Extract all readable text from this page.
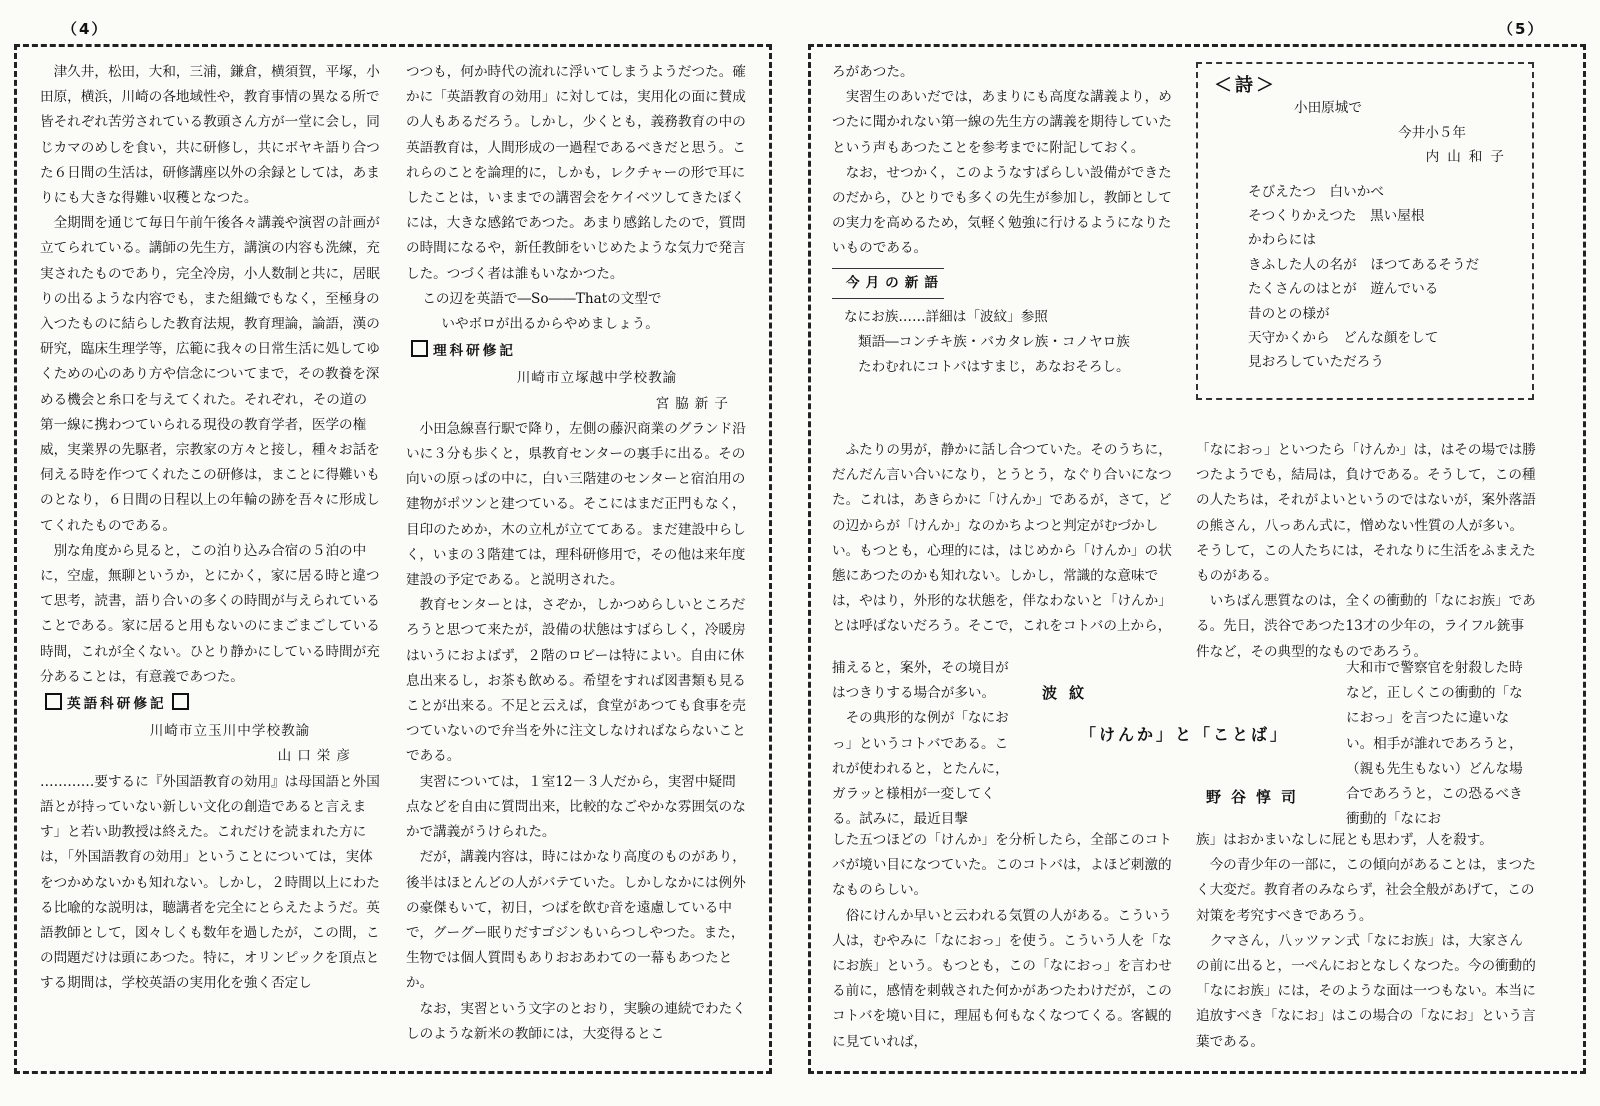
（4）

津久井，松田，大和，三浦，鎌倉，横須賀，平塚，小田原，横浜，川崎の各地域性や，教育事情の異なる所で皆それぞれ苦労されている教頭さん方が一堂に会し，同じカマのめしを食い，共に研修し，共にボヤキ語り合つた６日間の生活は，研修講座以外の余録としては，あまりにも大きな得難い収穫となつた。

全期間を通じて毎日午前午後各々講義や演習の計画が立てられている。講師の先生方，講演の内容も洗練，充実されたものであり，完全冷房，小人数制と共に，居眠りの出るような内容でも，また組織でもなく，至極身の入つたものに結らした教育法規，教育理論，論語，漢の研究，臨床生理学等，広範に我々の日常生活に処してゆくための心のあり方や信念についてまで，その教養を深める機会と糸口を与えてくれた。それぞれ，その道の第一線に携わつていられる現役の教育学者，医学の権威，実業界の先駆者，宗教家の方々と接し，種々お話を伺える時を作つてくれたこの研修は，まことに得難いものとなり，６日間の日程以上の年輪の跡を吾々に形成してくれたものである。

別な角度から見ると，この泊り込み合宿の５泊の中に，空虚，無聊というか，とにかく，家に居る時と違つて思考，読書，語り合いの多くの時間が与えられていることである。家に居ると用もないのにまごまごしている時間，これが全くない。ひとり静かにしている時間が充分あることは，有意義であつた。

英語科研修記
川崎市立玉川中学校教諭
山口栄彦

…………要するに『外国語教育の効用』は母国語と外国語とが持っていない新しい文化の創造であると言えます」と若い助教授は終えた。これだけを読まれた方には，「外国語教育の効用」ということについては，実体をつかめないかも知れない。しかし，２時間以上にわたる比喩的な説明は，聴講者を完全にとらえたようだ。英語教師として，図々しくも数年を過したが，この間，この問題だけは頭にあつた。特に，オリンピックを頂点とする期間は，学校英語の実用化を強く否定し

つつも，何か時代の流れに浮いてしまうようだつた。確かに「英語教育の効用」に対しては，実用化の面に賛成の人もあるだろう。しかし，少くとも，義務教育の中の英語教育は，人間形成の一過程であるべきだと思う。これらのことを論理的に，しかも，レクチャーの形で耳にしたことは，いままでの講習会をケイベツしてきたぼくには，大きな感銘であつた。あまり感銘したので，質問の時間になるや，新任教師をいじめたような気力で発言した。つづく者は誰もいなかつた。

この辺を英語で―So――Thatの文型で
いやボロが出るからやめましょう。
理科研修記
川崎市立塚越中学校教諭
宮脇新子

小田急線喜行駅で降り，左側の藤沢商業のグランド沿いに３分も歩くと，県教育センターの裏手に出る。その向いの原っぱの中に，白い三階建のセンターと宿泊用の建物がポツンと建つている。そこにはまだ正門もなく，目印のためか，木の立札が立ててある。まだ建設中らしく，いまの３階建ては，理科研修用で，その他は来年度建設の予定である。と説明された。

教育センターとは，さぞか，しかつめらしいところだろうと思つて来たが，設備の状態はすばらしく，冷暖房はいうにおよばず，２階のロビーは特によい。自由に休息出来るし，お茶も飲める。希望をすれば図書類も見ることが出来る。不足と云えば，食堂があつても食事を売つていないので弁当を外に注文しなければならないことである。

実習については，１室12－３人だから，実習中疑問点などを自由に質問出来，比較的なごやかな雰囲気のなかで講義がうけられた。

だが，講義内容は，時にはかなり高度のものがあり，後半はほとんどの人がバテていた。しかしなかには例外の豪傑もいて，初日，つばを飲む音を遠慮している中で，グーグー眠りだすゴジンもいらつしやつた。また，生物では個人質問もありおおあわての一幕もあつたとか。

なお，実習という文字のとおり，実験の連続でわたくしのような新米の教師には，大変得るとこ

（5）

ろがあつた。

実習生のあいだでは，あまりにも高度な講義より，めつたに聞かれない第一線の先生方の講義を期待していたという声もあつたことを参考までに附記しておく。

なお，せつかく，このようなすばらしい設備ができたのだから，ひとりでも多くの先生が参加し，教師としての実力を高めるため，気軽く勉強に行けるようになりたいものである。

今月の新語
なにお族……詳細は「波紋」参照
類語―コンチキ族・バカタレ族・コノヤロ族
たわむれにコトバはすまじ，あなおそろし。
＜詩＞
小田原城で
今井小５年
内山和子
そびえたつ　白いかべ
そつくりかえつた　黒い屋根
かわらには
きふした人の名が　ほつてあるそうだ
たくさんのはとが　遊んでいる
昔のとの様が
天守かくから　どんな顔をして
見おろしていただろう

ふたりの男が，静かに話し合つていた。そのうちに，だんだん言い合いになり，とうとう，なぐり合いになつた。これは，あきらかに「けんか」であるが，さて，どの辺からが「けんか」なのかちよつと判定がむづかしい。もつとも，心理的には，はじめから「けんか」の状態にあつたのかも知れない。しかし，常識的な意味では，やはり，外形的な状態を，伴なわないと「けんか」とは呼ばないだろう。そこで，これをコトバの上から，

捕えると，案外，その境目がはつきりする場合が多い。

その典形的な例が「なにおっ」というコトバである。これが使われると，とたんに，ガラッと様相が一変してくる。試みに，最近目撃

した五つほどの「けんか」を分析したら，全部このコトバが境い目になつていた。このコトバは，よほど刺激的なものらしい。

俗にけんか早いと云われる気質の人がある。こういう人は，むやみに「なにおっ」を使う。こういう人を「なにお族」という。もつとも，この「なにおっ」を言わせる前に，感情を刺戟された何かがあつたわけだが，このコトバを境い目に，理屈も何もなくなつてくる。客観的に見ていれば，

波紋
「けんか」と「ことば」
野谷惇司

「なにおっ」といつたら「けんか」は，はその場では勝つたようでも，結局は，負けである。そうして，この種の人たちは，それがよいというのではないが，案外落語の熊さん，八っあん式に，憎めない性質の人が多い。そうして，この人たちには，それなりに生活をふまえたものがある。

いちばん悪質なのは，全くの衝動的「なにお族」である。先日，渋谷であつた13才の少年の，ライフル銃事件など，その典型的なものであろう。

大和市で警察官を射殺した時など，正しくこの衝動的「なにおっ」を言つたに違いない。相手が誰れであろうと，（親も先生もない）どんな場合であろうと，この恐るべき衝動的「なにお

族」はおかまいなしに屁とも思わず，人を殺す。

今の青少年の一部に，この傾向があることは，まつたく大変だ。教育者のみならず，社会全般があげて，この対策を考究すべきであろう。

クマさん，八ッツァン式「なにお族」は，大家さんの前に出ると，一ぺんにおとなしくなつた。今の衝動的「なにお族」には，そのような面は一つもない。本当に追放すべき「なにお」はこの場合の「なにお」という言葉である。
